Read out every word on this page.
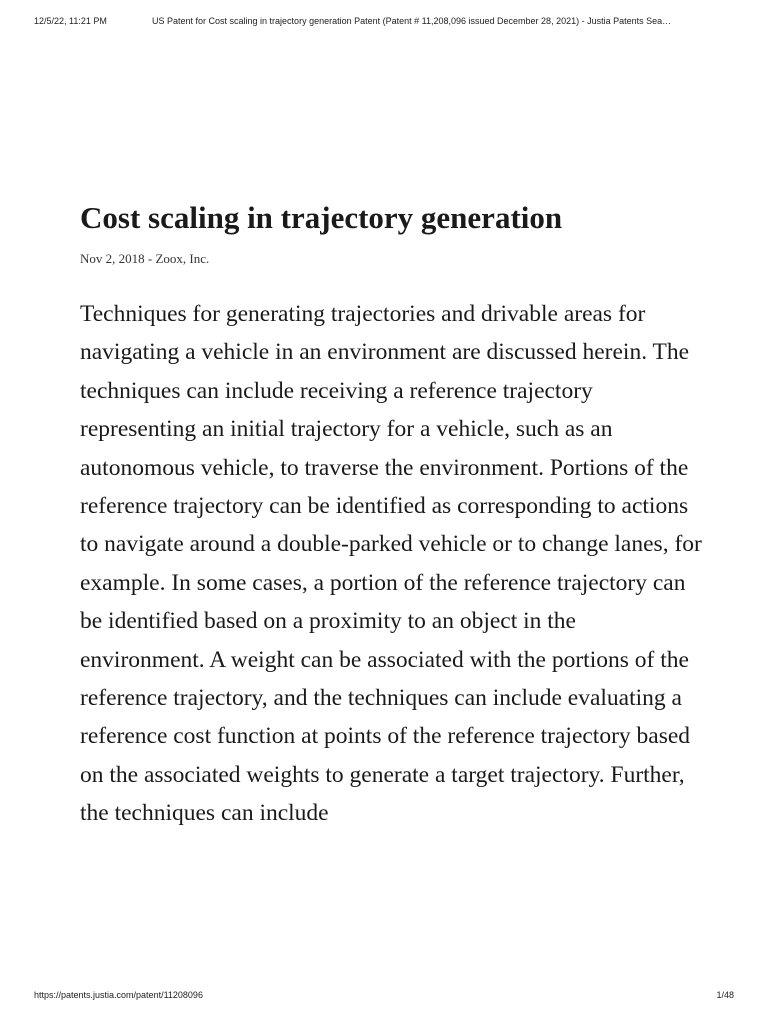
12/5/22, 11:21 PM	US Patent for Cost scaling in trajectory generation Patent (Patent # 11,208,096 issued December 28, 2021) - Justia Patents Sea…
Cost scaling in trajectory generation
Nov 2, 2018 - Zoox, Inc.

Techniques for generating trajectories and drivable areas for navigating a vehicle in an environment are discussed herein. The techniques can include receiving a reference trajectory representing an initial trajectory for a vehicle, such as an autonomous vehicle, to traverse the environment. Portions of the reference trajectory can be identified as corresponding to actions to navigate around a double-parked vehicle or to change lanes, for example. In some cases, a portion of the reference trajectory can be identified based on a proximity to an object in the environment. A weight can be associated with the portions of the reference trajectory, and the techniques can include evaluating a reference cost function at points of the reference trajectory based on the associated weights to generate a target trajectory. Further, the techniques can include

https://patents.justia.com/patent/11208096	1/48
